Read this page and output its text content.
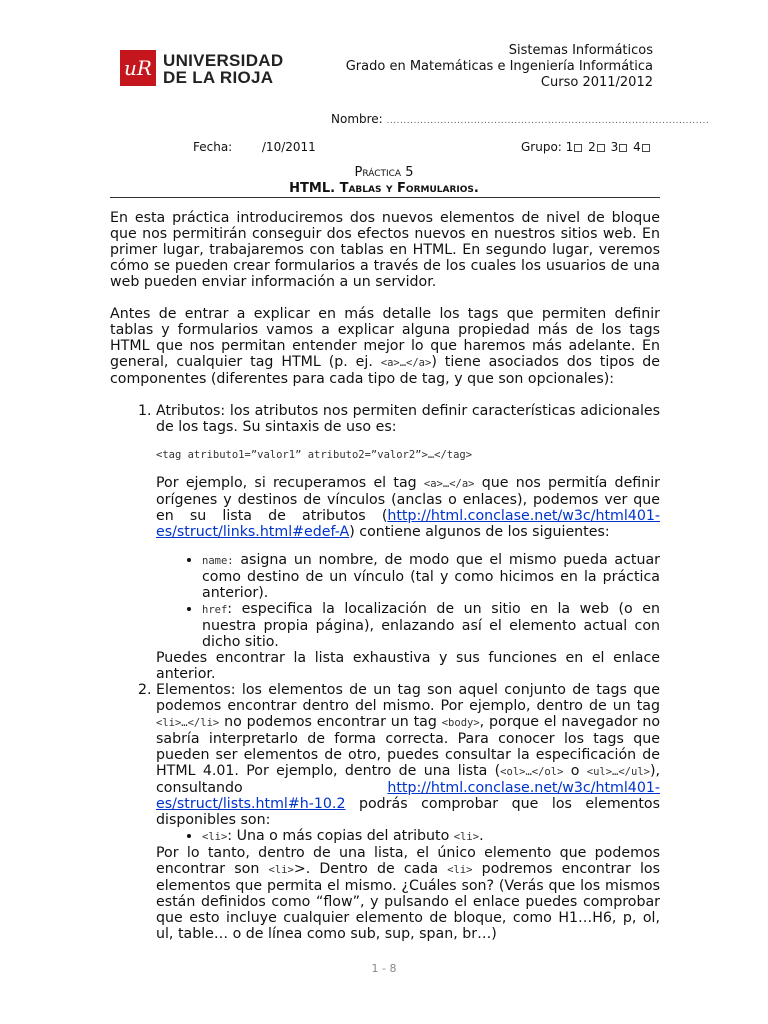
uR UNIVERSIDAD
DE LA RIOJA
Sistemas Informáticos
Grado en Matemáticas e Ingeniería Informática
Curso 2011/2012
Nombre: ................................................................................................
Fecha: /10/2011	Grupo: 1 2 3 4
Práctica 5
HTML. Tablas y Formularios.

En esta práctica introduciremos dos nuevos elementos de nivel de bloque que nos permitirán conseguir dos efectos nuevos en nuestros sitios web. En primer lugar, trabajaremos con tablas en HTML. En segundo lugar, veremos cómo se pueden crear formularios a través de los cuales los usuarios de una web pueden enviar información a un servidor.

Antes de entrar a explicar en más detalle los tags que permiten definir tablas y formularios vamos a explicar alguna propiedad más de los tags HTML que nos permitan entender mejor lo que haremos más adelante. En general, cualquier tag HTML (p. ej. <a>…</a>) tiene asociados dos tipos de componentes (diferentes para cada tipo de tag, y que son opcionales):

1. Atributos: los atributos nos permiten definir características adicionales de los tags. Su sintaxis de uso es:
<tag atributo1=”valor1” atributo2=”valor2”>…</tag>
Por ejemplo, si recuperamos el tag <a>…</a> que nos permitía definir orígenes y destinos de vínculos (anclas o enlaces), podemos ver que en su lista de atributos (http://html.conclase.net/w3c/html401-es/struct/links.html#edef-A) contiene algunos de los siguientes:
• name: asigna un nombre, de modo que el mismo pueda actuar como destino de un vínculo (tal y como hicimos en la práctica anterior).
• href: especifica la localización de un sitio en la web (o en nuestra propia página), enlazando así el elemento actual con dicho sitio.
Puedes encontrar la lista exhaustiva y sus funciones en el enlace anterior.
2. Elementos: los elementos de un tag son aquel conjunto de tags que podemos encontrar dentro del mismo. Por ejemplo, dentro de un tag <li>…</li> no podemos encontrar un tag <body>, porque el navegador no sabría interpretarlo de forma correcta. Para conocer los tags que pueden ser elementos de otro, puedes consultar la especificación de HTML 4.01. Por ejemplo, dentro de una lista (<ol>…</ol> o <ul>…</ul>), consultando http://html.conclase.net/w3c/html401-es/struct/lists.html#h-10.2 podrás comprobar que los elementos disponibles son:
• <li>: Una o más copias del atributo <li>.
Por lo tanto, dentro de una lista, el único elemento que podemos encontrar son <li>>. Dentro de cada <li> podremos encontrar los elementos que permita el mismo. ¿Cuáles son? (Verás que los mismos están definidos como “flow”, y pulsando el enlace puedes comprobar que esto incluye cualquier elemento de bloque, como H1…H6, p, ol, ul, table… o de línea como sub, sup, span, br…)
1 - 8
